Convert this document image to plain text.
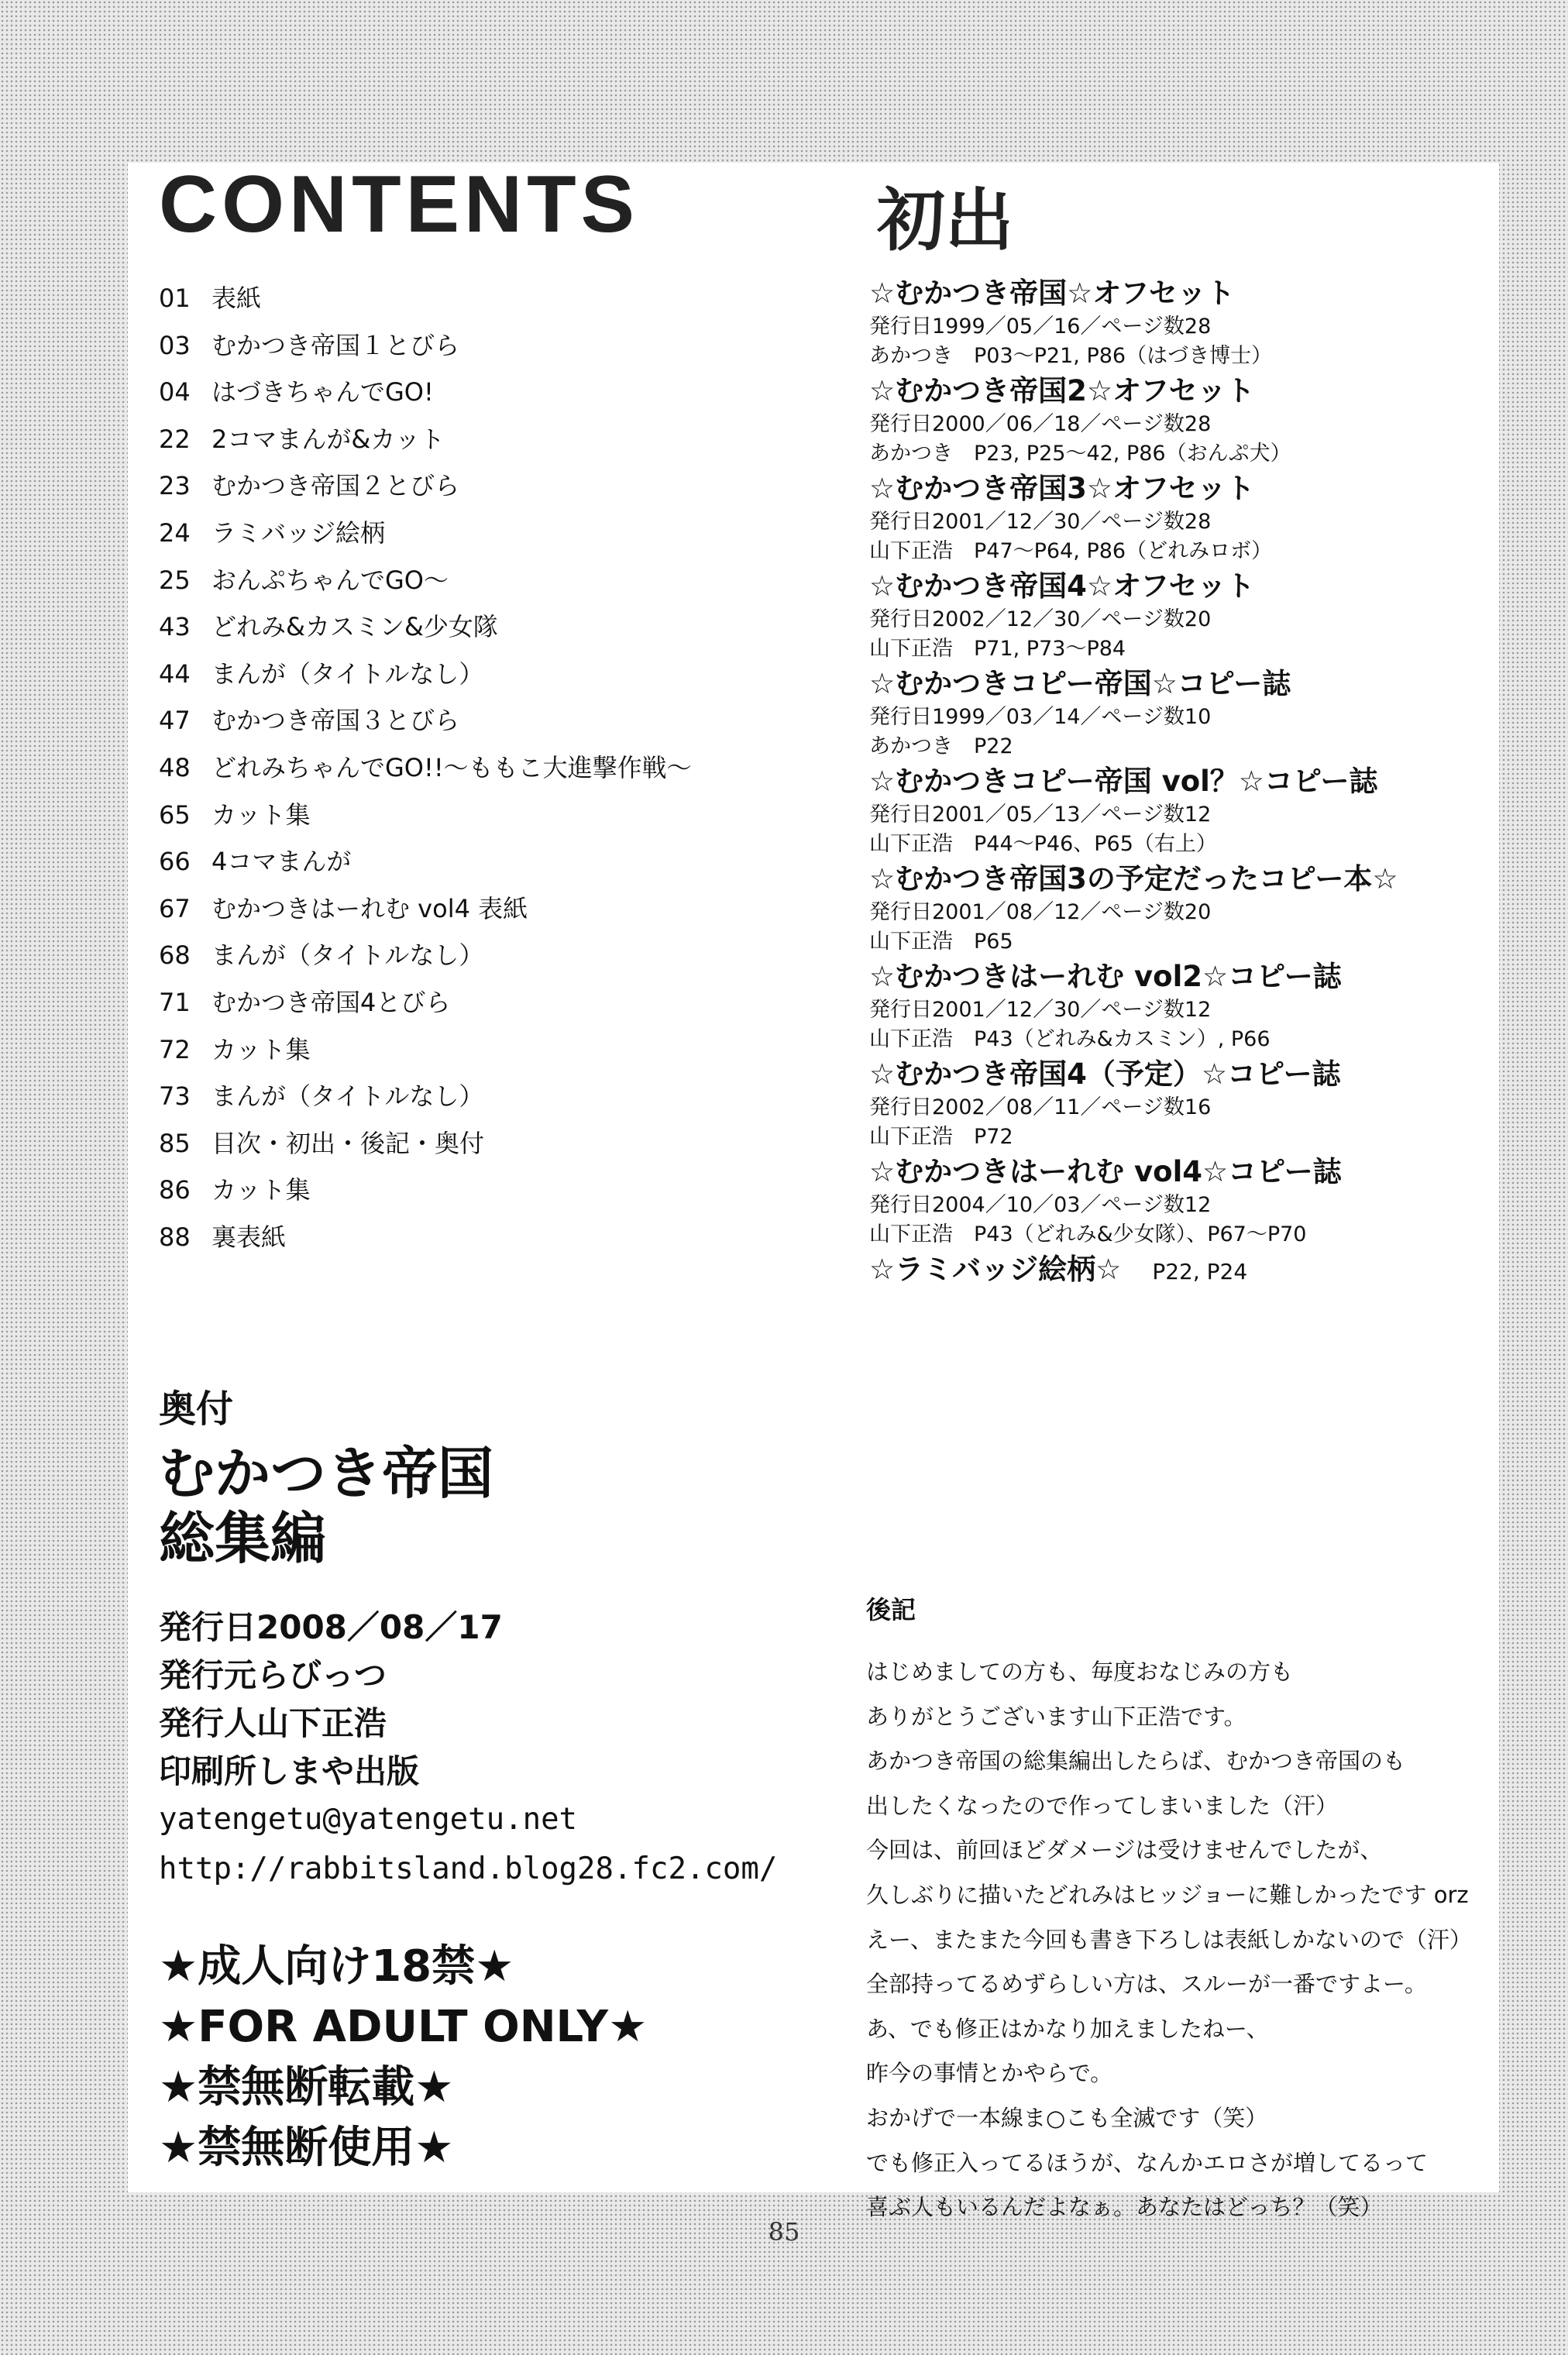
CONTENTS	初出
01 表紙
03 むかつき帝国１とびら
04 はづきちゃんでGO!
22 2コマまんが&カット
23 むかつき帝国２とびら
24 ラミバッジ絵柄
25 おんぷちゃんでGO～
43 どれみ&カスミン&少女隊
44 まんが（タイトルなし）
47 むかつき帝国３とびら
48 どれみちゃんでGO!!～ももこ大進撃作戦～
65 カット集
66 4コマまんが
67 むかつきはーれむ vol4 表紙
68 まんが（タイトルなし）
71 むかつき帝国4とびら
72 カット集
73 まんが（タイトルなし）
85 目次・初出・後記・奥付
86 カット集
88 裏表紙
☆むかつき帝国☆オフセット
発行日1999／05／16／ページ数28
あかつき　P03～P21, P86（はづき博士）
☆むかつき帝国2☆オフセット
発行日2000／06／18／ページ数28
あかつき　P23, P25～42, P86（おんぷ犬）
☆むかつき帝国3☆オフセット
発行日2001／12／30／ページ数28
山下正浩　P47～P64, P86（どれみロボ）
☆むかつき帝国4☆オフセット
発行日2002／12／30／ページ数20
山下正浩　P71, P73～P84
☆むかつきコピー帝国☆コピー誌
発行日1999／03／14／ページ数10
あかつき　P22
☆むかつきコピー帝国 vol？☆コピー誌
発行日2001／05／13／ページ数12
山下正浩　P44～P46、P65（右上）
☆むかつき帝国3の予定だったコピー本☆
発行日2001／08／12／ページ数20
山下正浩　P65
☆むかつきはーれむ vol2☆コピー誌
発行日2001／12／30／ページ数12
山下正浩　P43（どれみ&カスミン）, P66
☆むかつき帝国4（予定）☆コピー誌
発行日2002／08／11／ページ数16
山下正浩　P72
☆むかつきはーれむ vol4☆コピー誌
発行日2004／10／03／ページ数12
山下正浩　P43（どれみ&少女隊）、P67～P70
☆ラミバッジ絵柄☆ P22, P24
奥付
むかつき帝国
総集編
発行日2008／08／17
発行元らびっつ
発行人山下正浩
印刷所しまや出版
yatengetu@yatengetu.net
http://rabbitsland.blog28.fc2.com/
★成人向け18禁★
★FOR ADULT ONLY★
★禁無断転載★
★禁無断使用★
後記
はじめましての方も、毎度おなじみの方も
ありがとうございます山下正浩です。
あかつき帝国の総集編出したらば、むかつき帝国のも
出したくなったので作ってしまいました（汗）
今回は、前回ほどダメージは受けませんでしたが、
久しぶりに描いたどれみはヒッジョーに難しかったです orz
えー、またまた今回も書き下ろしは表紙しかないので（汗）
全部持ってるめずらしい方は、スルーが一番ですよー。
あ、でも修正はかなり加えましたねー、
昨今の事情とかやらで。
おかげで一本線ま○こも全滅です（笑）
でも修正入ってるほうが、なんかエロさが増してるって
喜ぶ人もいるんだよなぁ。あなたはどっち？（笑）
85
